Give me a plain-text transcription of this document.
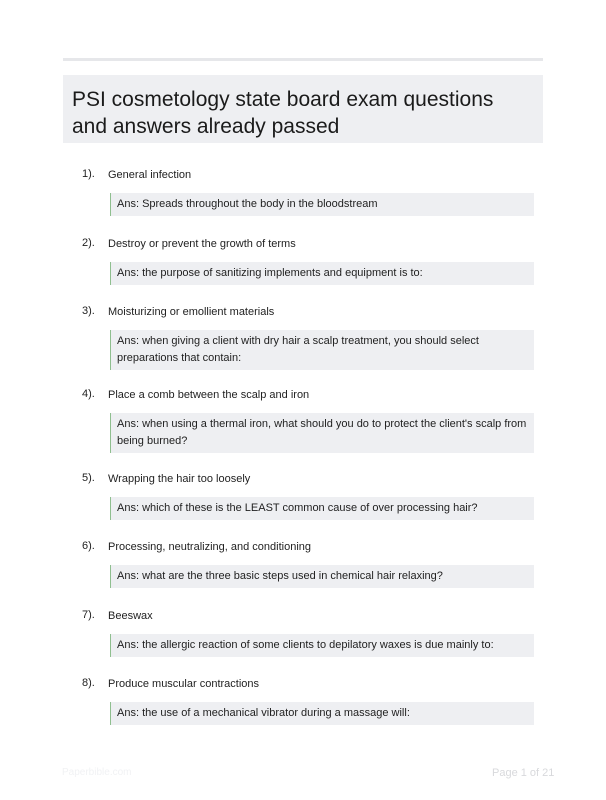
PSI cosmetology state board exam questions and answers already passed
1). General infection
Ans: Spreads throughout the body in the bloodstream
2). Destroy or prevent the growth of terms
Ans: the purpose of sanitizing implements and equipment is to:
3). Moisturizing or emollient materials
Ans: when giving a client with dry hair a scalp treatment, you should select preparations that contain:
4). Place a comb between the scalp and iron
Ans: when using a thermal iron, what should you do to protect the client's scalp from being burned?
5). Wrapping the hair too loosely
Ans: which of these is the LEAST common cause of over processing hair?
6). Processing, neutralizing, and conditioning
Ans: what are the three basic steps used in chemical hair relaxing?
7). Beeswax
Ans: the allergic reaction of some clients to depilatory waxes is due mainly to:
8). Produce muscular contractions
Ans: the use of a mechanical vibrator during a massage will:
Paperbible.com	Page 1 of 21
